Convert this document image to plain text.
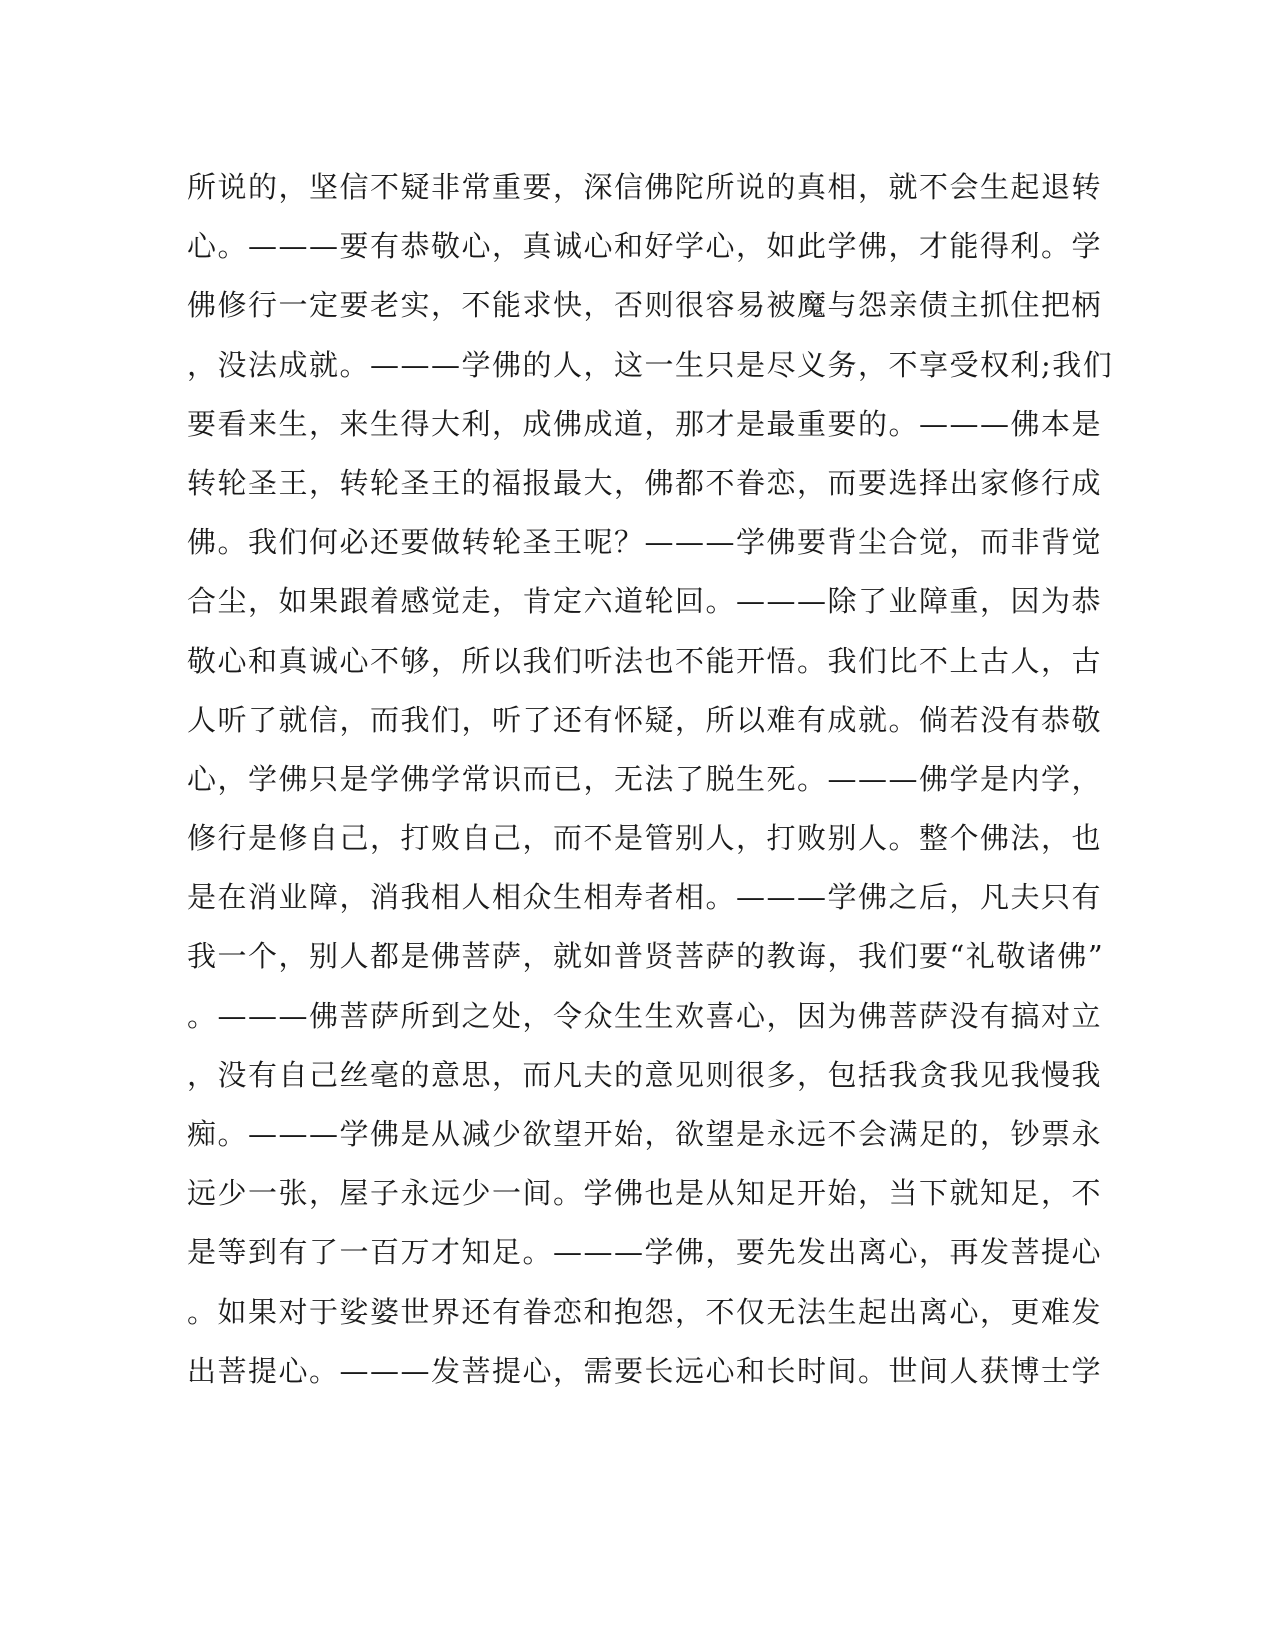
所说的，坚信不疑非常重要，深信佛陀所说的真相，就不会生起退转
心。———要有恭敬心，真诚心和好学心，如此学佛，才能得利。学
佛修行一定要老实，不能求快，否则很容易被魔与怨亲债主抓住把柄
，没法成就。———学佛的人，这一生只是尽义务，不享受权利;我们
要看来生，来生得大利，成佛成道，那才是最重要的。———佛本是
转轮圣王，转轮圣王的福报最大，佛都不眷恋，而要选择出家修行成
佛。我们何必还要做转轮圣王呢？———学佛要背尘合觉，而非背觉
合尘，如果跟着感觉走，肯定六道轮回。———除了业障重，因为恭
敬心和真诚心不够，所以我们听法也不能开悟。我们比不上古人，古
人听了就信，而我们，听了还有怀疑，所以难有成就。倘若没有恭敬
心，学佛只是学佛学常识而已，无法了脱生死。———佛学是内学，
修行是修自己，打败自己，而不是管别人，打败别人。整个佛法，也
是在消业障，消我相人相众生相寿者相。———学佛之后，凡夫只有
我一个，别人都是佛菩萨，就如普贤菩萨的教诲，我们要“礼敬诸佛”
。———佛菩萨所到之处，令众生生欢喜心，因为佛菩萨没有搞对立
，没有自己丝毫的意思，而凡夫的意见则很多，包括我贪我见我慢我
痴。———学佛是从减少欲望开始，欲望是永远不会满足的，钞票永
远少一张，屋子永远少一间。学佛也是从知足开始，当下就知足，不
是等到有了一百万才知足。———学佛，要先发出离心，再发菩提心
。如果对于娑婆世界还有眷恋和抱怨，不仅无法生起出离心，更难发
出菩提心。———发菩提心，需要长远心和长时间。世间人获博士学
